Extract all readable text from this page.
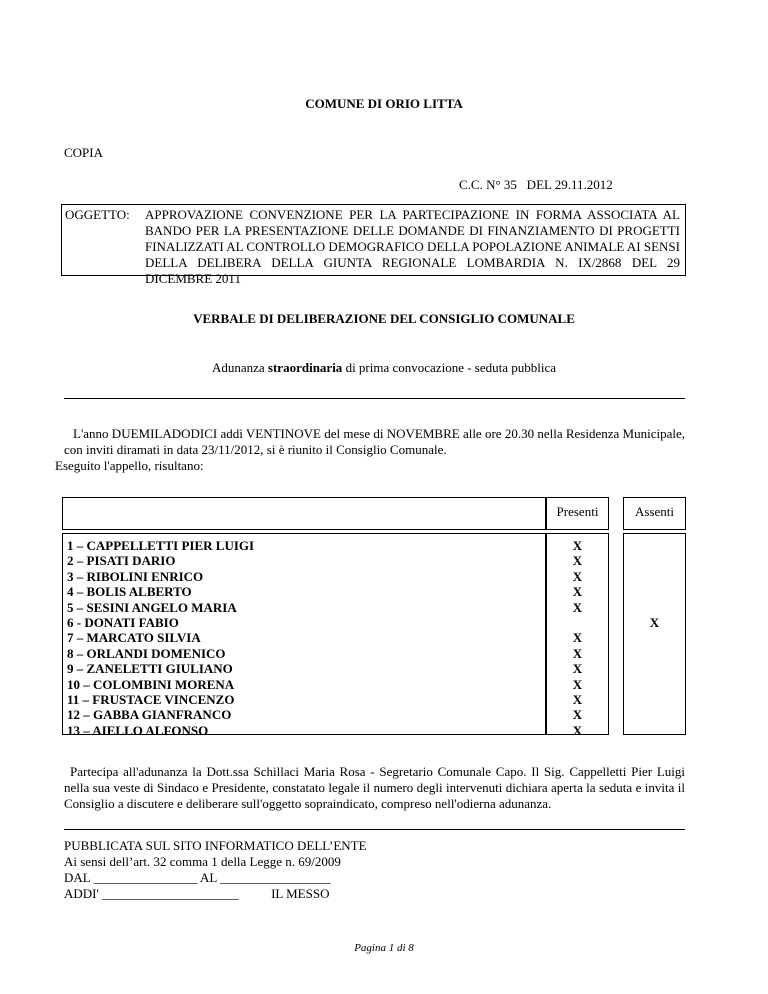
COMUNE DI ORIO LITTA
COPIA
C.C. N° 35   DEL 29.11.2012
OGGETTO: APPROVAZIONE CONVENZIONE PER LA PARTECIPAZIONE IN FORMA ASSOCIATA AL BANDO PER LA PRESENTAZIONE DELLE DOMANDE DI FINANZIAMENTO DI PROGETTI FINALIZZATI AL CONTROLLO DEMOGRAFICO DELLA POPOLAZIONE ANIMALE AI SENSI DELLA DELIBERA DELLA GIUNTA REGIONALE LOMBARDIA N. IX/2868 DEL 29 DICEMBRE 2011
VERBALE DI DELIBERAZIONE DEL CONSIGLIO COMUNALE
Adunanza straordinaria di prima convocazione - seduta pubblica
L'anno DUEMILADODICI addì VENTINOVE del mese di NOVEMBRE alle ore 20.30 nella Residenza Municipale, con inviti diramati in data 23/11/2012, si è riunito il Consiglio Comunale.
Eseguito l'appello, risultano:
Presenti	Assenti
1 – CAPPELLETTI PIER LUIGI
2 – PISATI DARIO
3 – RIBOLINI ENRICO
4 – BOLIS ALBERTO
5 – SESINI ANGELO MARIA
6 - DONATI FABIO
7 – MARCATO SILVIA
8 – ORLANDI DOMENICO
9 – ZANELETTI GIULIANO
10 – COLOMBINI MORENA
11 – FRUSTACE VINCENZO
12 – GABBA GIANFRANCO
13 – AIELLO ALFONSO
X
X
X
X
X
X
X
X
X
X
X
X
X
Partecipa all'adunanza la Dott.ssa Schillaci Maria Rosa - Segretario Comunale Capo. Il Sig. Cappelletti Pier Luigi nella sua veste di Sindaco e Presidente, constatato legale il numero degli intervenuti dichiara aperta la seduta e invita il Consiglio a discutere e deliberare sull'oggetto sopraindicato, compreso nell'odierna adunanza.
PUBBLICATA SUL SITO INFORMATICO DELL’ENTE
Ai sensi dell’art. 32 comma 1 della Legge n. 69/2009
DAL ________________ AL _________________
ADDI' _____________________          IL MESSO
Pagina 1 di 8
